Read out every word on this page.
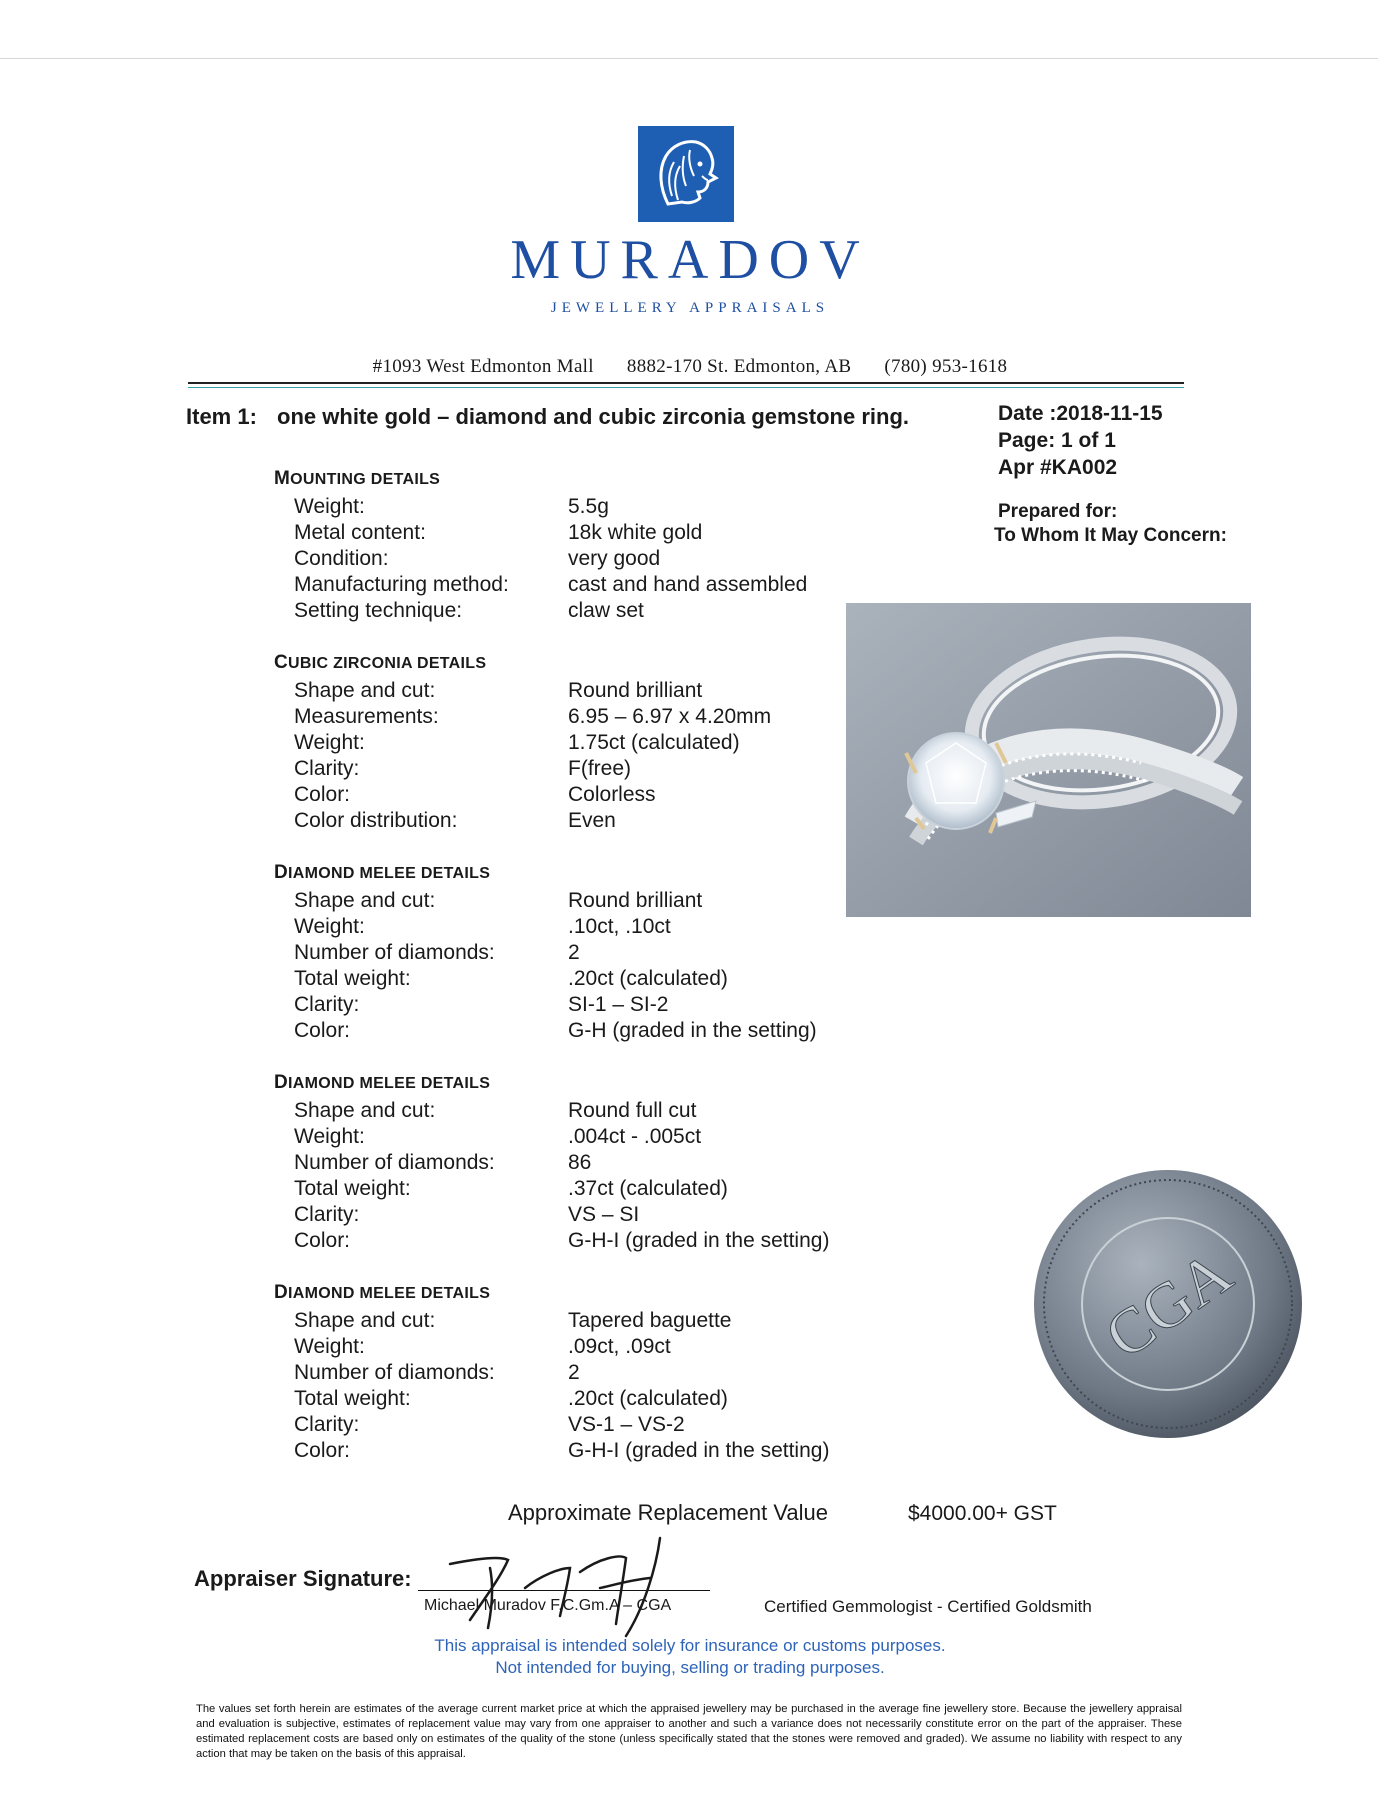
MURADOV
JEWELLERY APPRAISALS
#1093 West Edmonton Mall 8882-170 St. Edmonton, AB (780) 953-1618
Item 1: one white gold – diamond and cubic zirconia gemstone ring.	Date :2018-11-15
Page: 1 of 1
Apr #KA002
Prepared for:
To Whom It May Concern:
MOUNTING DETAILS
Weight:	5.5g
Metal content:	18k white gold
Condition:	very good
Manufacturing method:	cast and hand assembled
Setting technique:	claw set
CUBIC ZIRCONIA DETAILS
Shape and cut:	Round brilliant
Measurements:	6.95 – 6.97 x 4.20mm
Weight:	1.75ct (calculated)
Clarity:	F(free)
Color:	Colorless
Color distribution:	Even
DIAMOND MELEE DETAILS
Shape and cut:	Round brilliant
Weight:	.10ct, .10ct
Number of diamonds:	2
Total weight:	.20ct (calculated)
Clarity:	SI-1 – SI-2
Color:	G-H (graded in the setting)
DIAMOND MELEE DETAILS
Shape and cut:	Round full cut
Weight:	.004ct - .005ct
Number of diamonds:	86
Total weight:	.37ct (calculated)
Clarity:	VS – SI
Color:	G-H-I (graded in the setting)
DIAMOND MELEE DETAILS
Shape and cut:	Tapered baguette
Weight:	.09ct, .09ct
Number of diamonds:	2
Total weight:	.20ct (calculated)
Clarity:	VS-1 – VS-2
Color:	G-H-I (graded in the setting)
CGA
Approximate Replacement Value	$4000.00+ GST
Appraiser Signature:
Michael Muradov F.C.Gm.A – CGA	Certified Gemmologist - Certified Goldsmith
This appraisal is intended solely for insurance or customs purposes.
Not intended for buying, selling or trading purposes.
The values set forth herein are estimates of the average current market price at which the appraised jewellery may be purchased in the average fine jewellery store. Because the jewellery appraisal and evaluation is subjective, estimates of replacement value may vary from one appraiser to another and such a variance does not necessarily constitute error on the part of the appraiser. These estimated replacement costs are based only on estimates of the quality of the stone (unless specifically stated that the stones were removed and graded). We assume no liability with respect to any action that may be taken on the basis of this appraisal.
